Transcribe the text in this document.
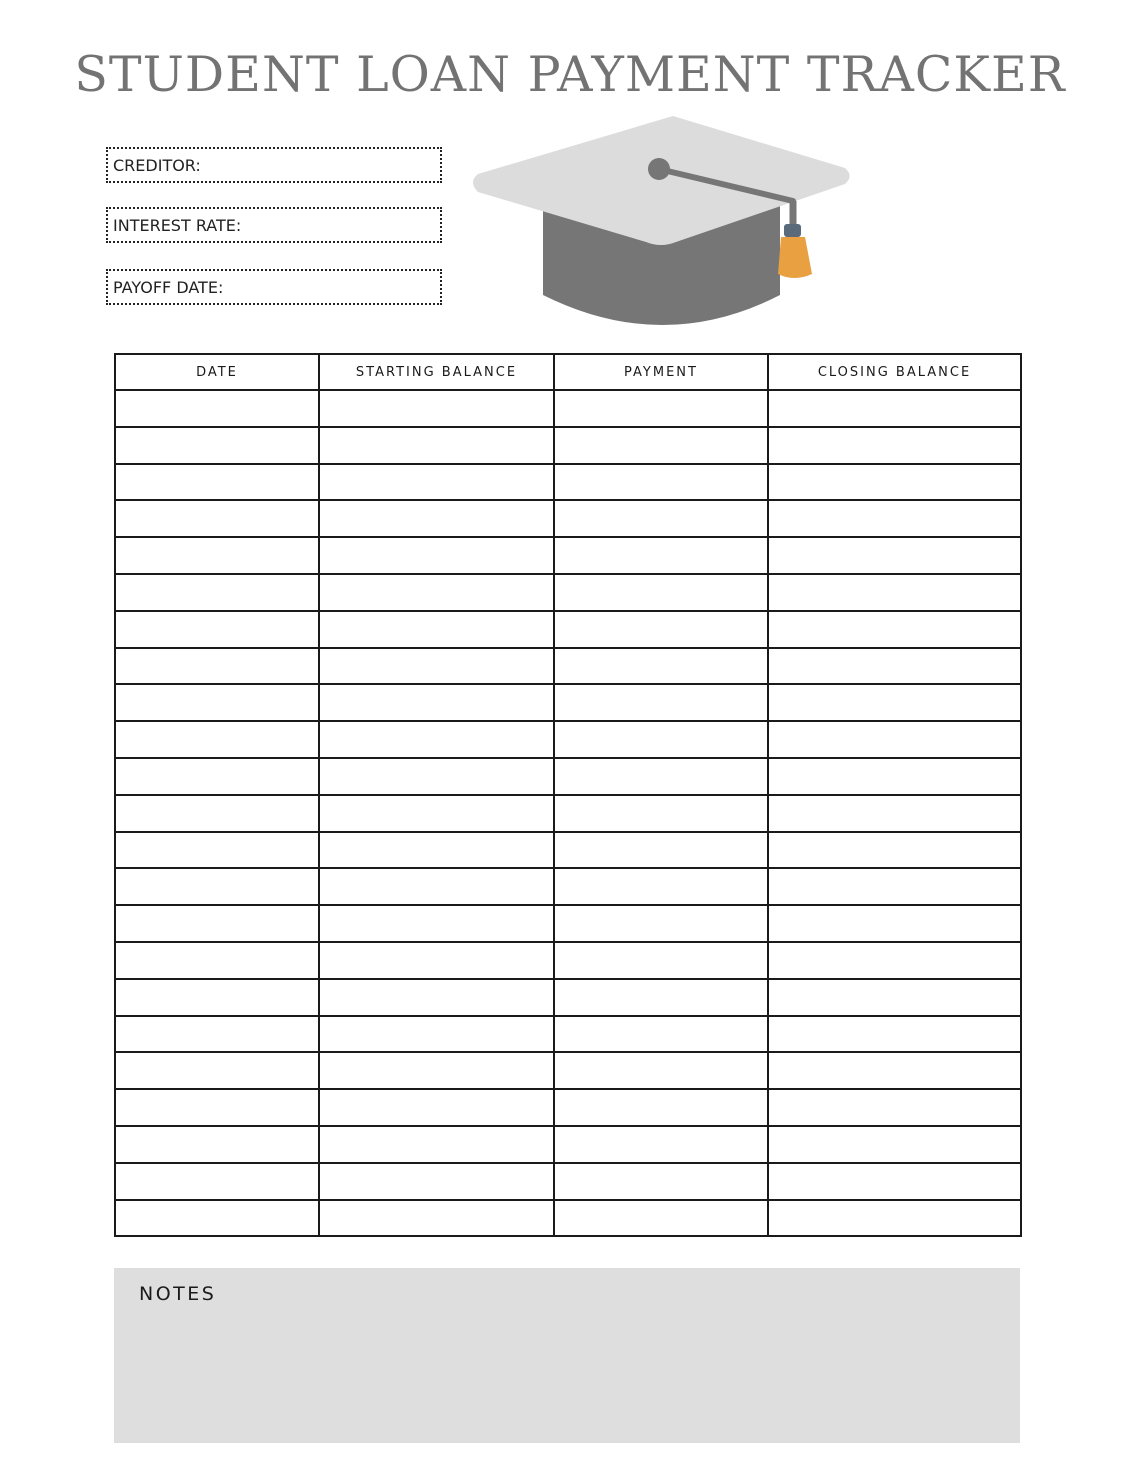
STUDENT LOAN PAYMENT TRACKER
CREDITOR:
INTEREST RATE:
PAYOFF DATE:
DATE	STARTING BALANCE	PAYMENT	CLOSING BALANCE

NOTES
